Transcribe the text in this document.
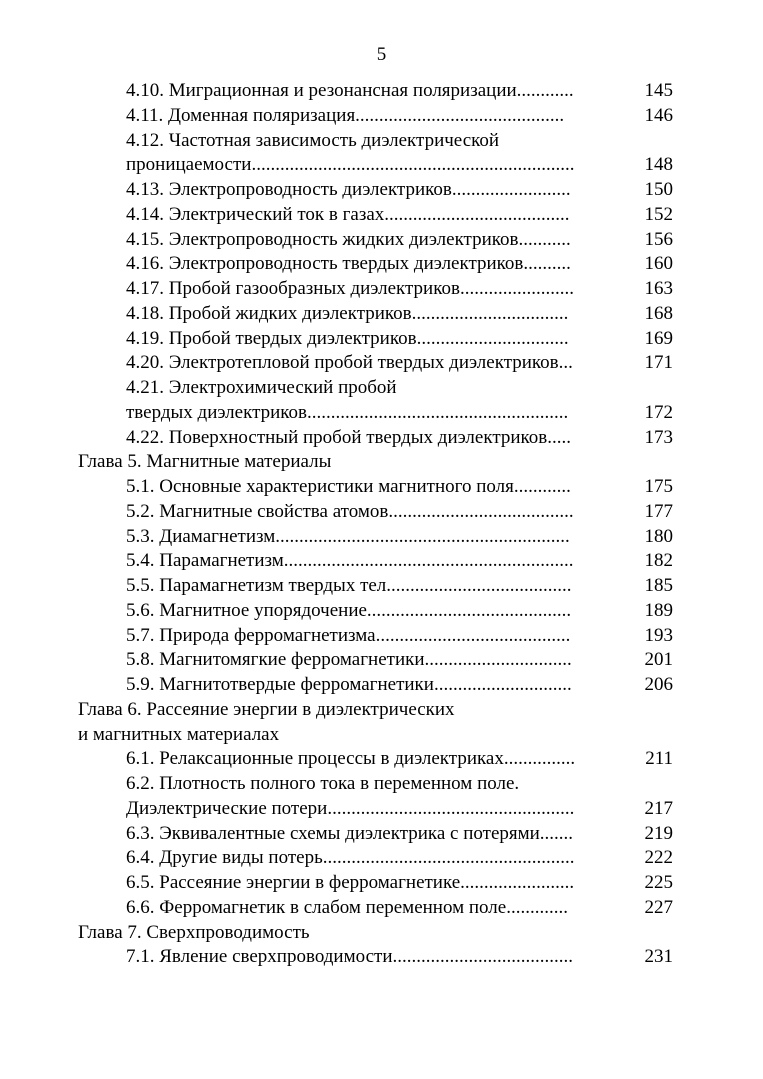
5
4.10. Миграционная и резонансная поляризации............	145
4.11. Доменная поляризация............................................	146
4.12. Частотная зависимость диэлектрической
проницаемости....................................................................	148
4.13. Электропроводность диэлектриков.........................	150
4.14. Электрический ток в газах.......................................	152
4.15. Электропроводность жидких диэлектриков...........	156
4.16. Электропроводность твердых диэлектриков..........	160
4.17. Пробой газообразных диэлектриков........................	163
4.18. Пробой жидких диэлектриков.................................	168
4.19. Пробой твердых диэлектриков................................	169
4.20. Электротепловой пробой твердых диэлектриков...	171
4.21. Электрохимический пробой
твердых диэлектриков.......................................................	172
4.22. Поверхностный пробой твердых диэлектриков.....	173
Глава 5. Магнитные материалы
5.1. Основные характеристики магнитного поля............	175
5.2. Магнитные свойства атомов.......................................	177
5.3. Диамагнетизм..............................................................	180
5.4. Парамагнетизм.............................................................	182
5.5. Парамагнетизм твердых тел.......................................	185
5.6. Магнитное упорядочение...........................................	189
5.7. Природа ферромагнетизма.........................................	193
5.8. Магнитомягкие ферромагнетики...............................	201
5.9. Магнитотвердые ферромагнетики.............................	206
Глава 6. Рассеяние энергии в диэлектрических
и магнитных материалах
6.1. Релаксационные процессы в диэлектриках...............	211
6.2. Плотность полного тока в переменном поле.
Диэлектрические потери....................................................	217
6.3. Эквивалентные схемы диэлектрика с потерями.......	219
6.4. Другие виды потерь.....................................................	222
6.5. Рассеяние энергии в ферромагнетике........................	225
6.6. Ферромагнетик в слабом переменном поле.............	227
Глава 7. Сверхпроводимость
7.1. Явление сверхпроводимости......................................	231
